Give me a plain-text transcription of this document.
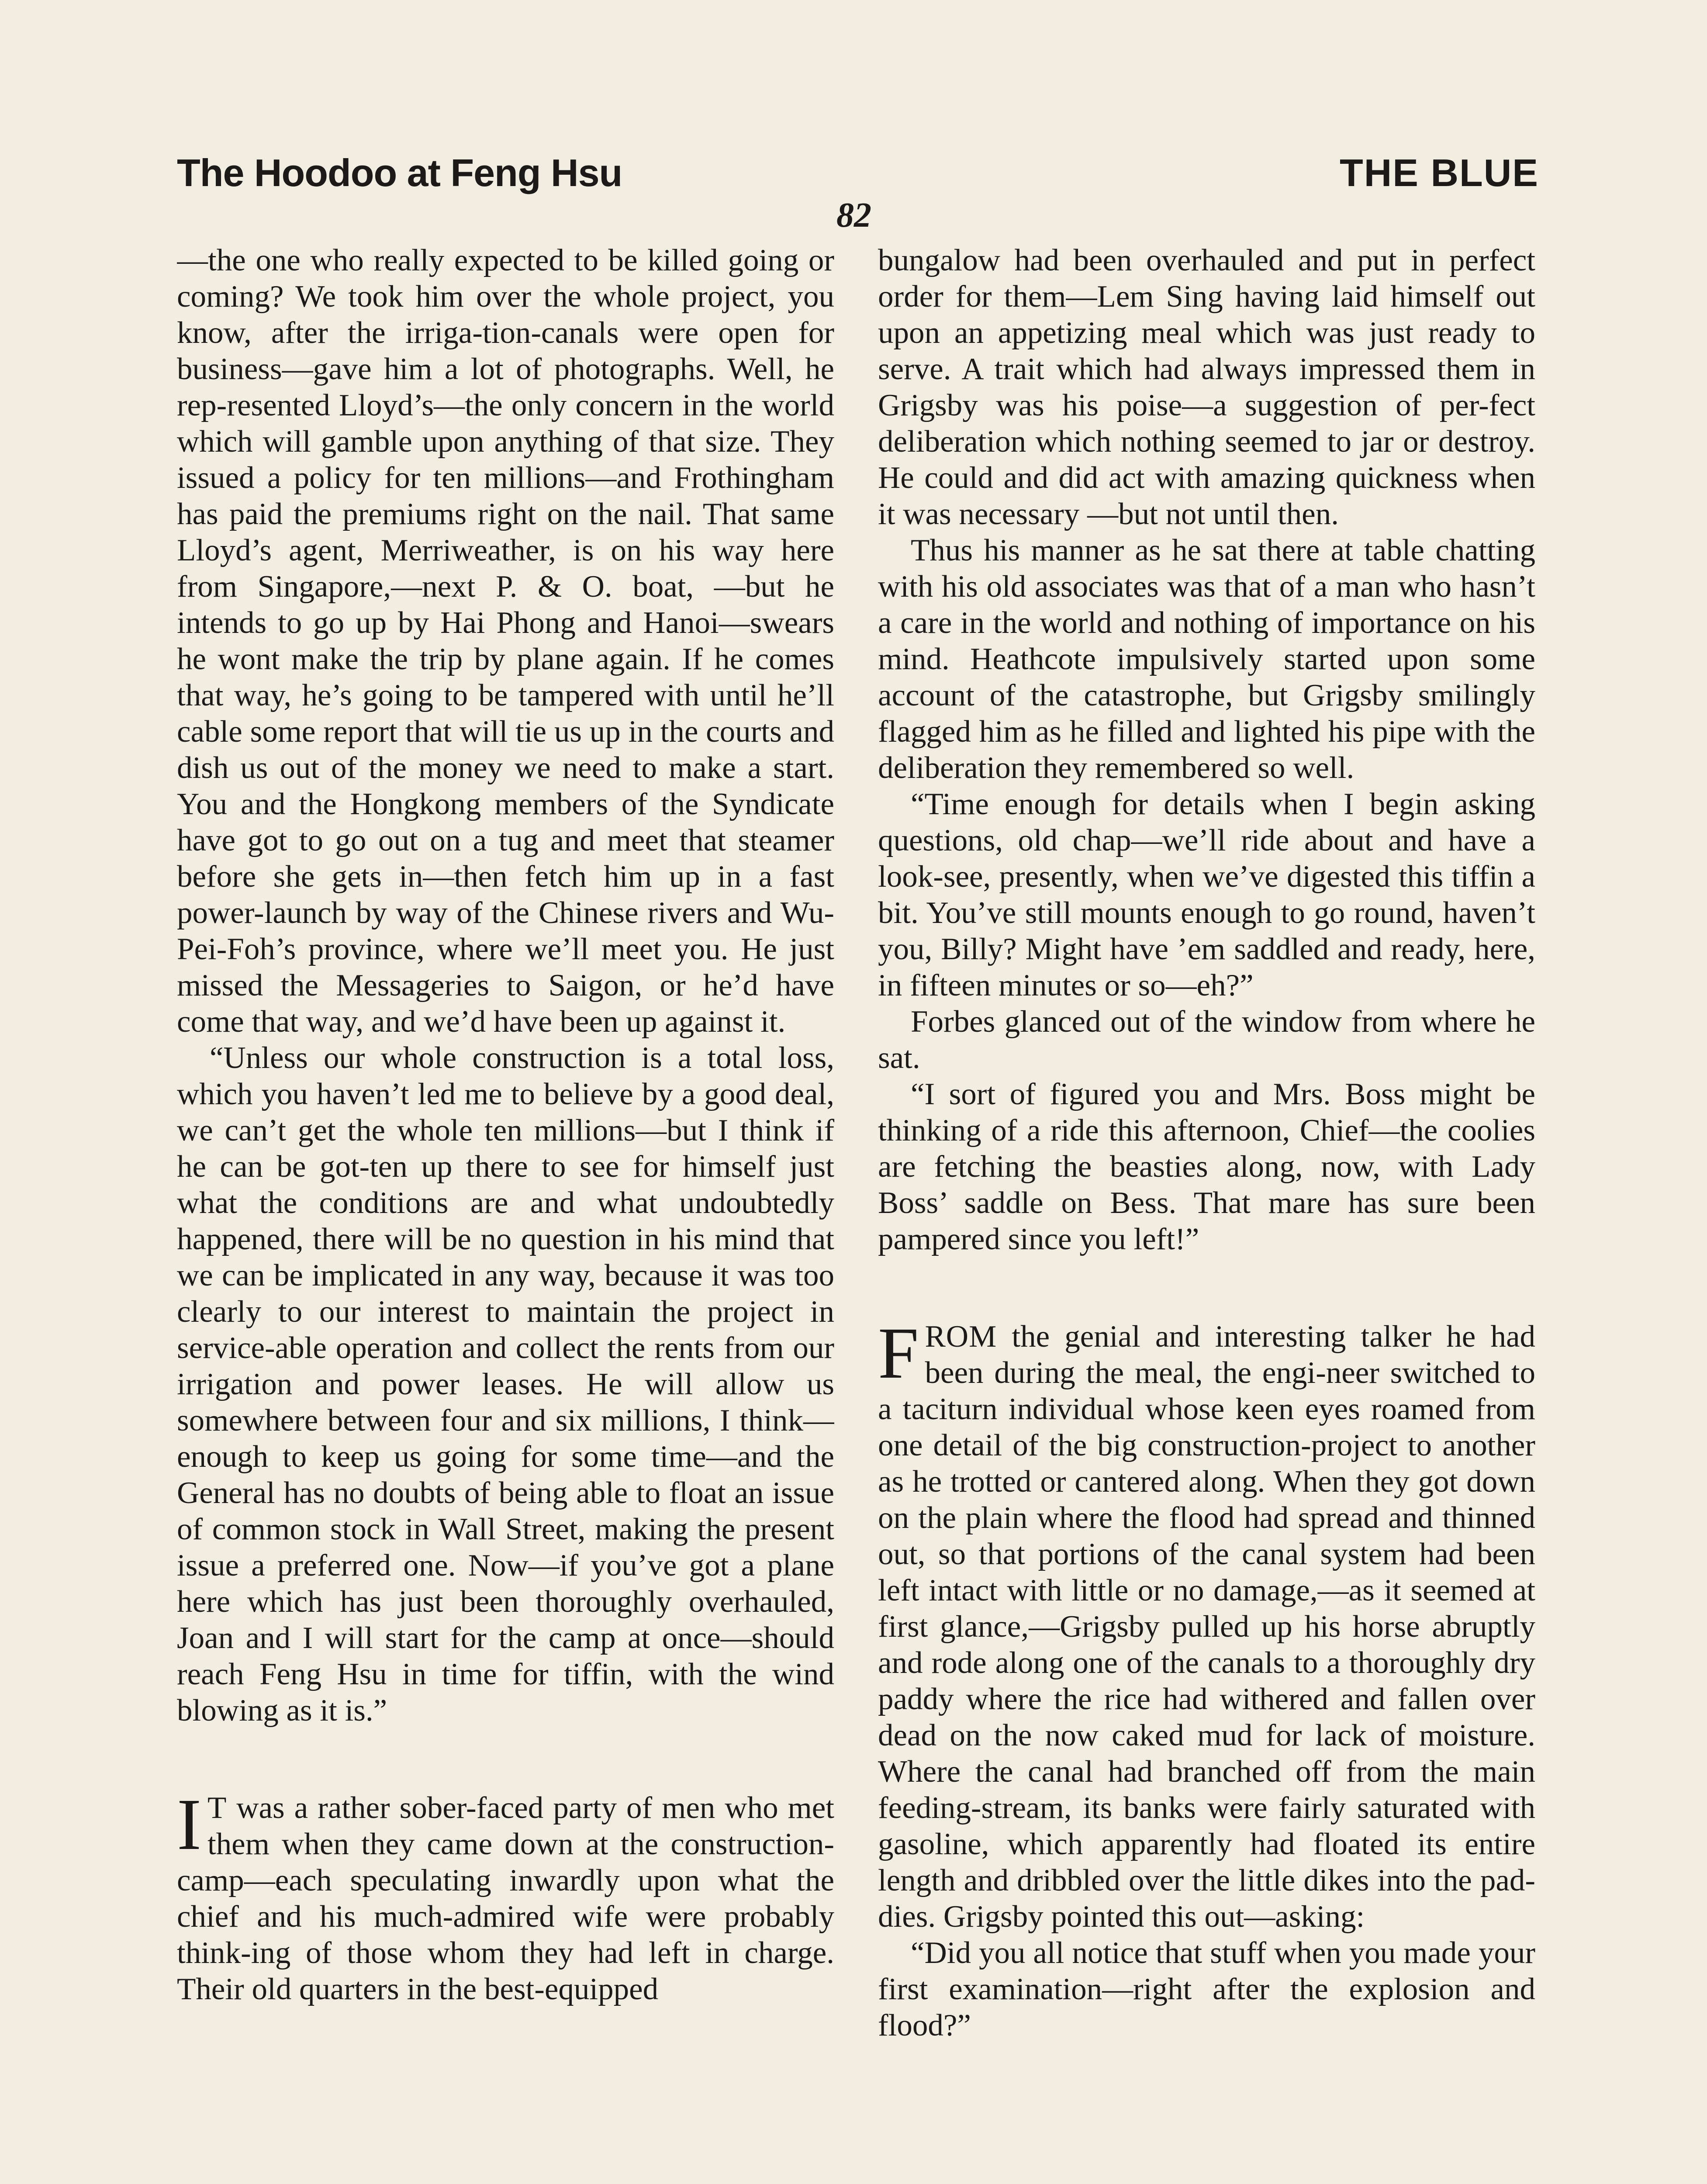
The Hoodoo at Feng Hsu	THE BLUE
82

—the one who really expected to be killed going or coming? We took him over the whole project, you know, after the irriga-tion-canals were open for business—gave him a lot of photographs. Well, he rep-resented Lloyd’s—the only concern in the world which will gamble upon anything of that size. They issued a policy for ten millions—and Frothingham has paid the premiums right on the nail. That same Lloyd’s agent, Merriweather, is on his way here from Singapore,—next P. & O. boat, —but he intends to go up by Hai Phong and Hanoi—swears he wont make the trip by plane again. If he comes that way, he’s going to be tampered with until he’ll cable some report that will tie us up in the courts and dish us out of the money we need to make a start. You and the Hongkong members of the Syndicate have got to go out on a tug and meet that steamer before she gets in—then fetch him up in a fast power-launch by way of the Chinese rivers and Wu-Pei-Foh’s province, where we’ll meet you. He just missed the Messageries to Saigon, or he’d have come that way, and we’d have been up against it.

“Unless our whole construction is a total loss, which you haven’t led me to believe by a good deal, we can’t get the whole ten millions—but I think if he can be got-ten up there to see for himself just what the conditions are and what undoubtedly happened, there will be no question in his mind that we can be implicated in any way, because it was too clearly to our interest to maintain the project in service-able operation and collect the rents from our irrigation and power leases. He will allow us somewhere between four and six millions, I think—enough to keep us going for some time—and the General has no doubts of being able to float an issue of common stock in Wall Street, making the present issue a preferred one. Now—if you’ve got a plane here which has just been thoroughly overhauled, Joan and I will start for the camp at once—should reach Feng Hsu in time for tiffin, with the wind blowing as it is.”

I T was a rather sober-faced party of men who met them when they came down at the construction-camp—each speculating inwardly upon what the chief and his much-admired wife were probably think-ing of those whom they had left in charge. Their old quarters in the best-equipped

bungalow had been overhauled and put in perfect order for them—Lem Sing having laid himself out upon an appetizing meal which was just ready to serve. A trait which had always impressed them in Grigsby was his poise—a suggestion of per-fect deliberation which nothing seemed to jar or destroy. He could and did act with amazing quickness when it was necessary —but not until then.

Thus his manner as he sat there at table chatting with his old associates was that of a man who hasn’t a care in the world and nothing of importance on his mind. Heathcote impulsively started upon some account of the catastrophe, but Grigsby smilingly flagged him as he filled and lighted his pipe with the deliberation they remembered so well.

“Time enough for details when I begin asking questions, old chap—we’ll ride about and have a look-see, presently, when we’ve digested this tiffin a bit. You’ve still mounts enough to go round, haven’t you, Billy? Might have ’em saddled and ready, here, in fifteen minutes or so—eh?”

Forbes glanced out of the window from where he sat.

“I sort of figured you and Mrs. Boss might be thinking of a ride this afternoon, Chief—the coolies are fetching the beasties along, now, with Lady Boss’ saddle on Bess. That mare has sure been pampered since you left!”

FROM the genial and interesting talker he had been during the meal, the engi-neer switched to a taciturn individual whose keen eyes roamed from one detail of the big construction-project to another as he trotted or cantered along. When they got down on the plain where the flood had spread and thinned out, so that portions of the canal system had been left intact with little or no damage,—as it seemed at first glance,—Grigsby pulled up his horse abruptly and rode along one of the canals to a thoroughly dry paddy where the rice had withered and fallen over dead on the now caked mud for lack of moisture. Where the canal had branched off from the main feeding-stream, its banks were fairly saturated with gasoline, which apparently had floated its entire length and dribbled over the little dikes into the pad-dies. Grigsby pointed this out—asking:

“Did you all notice that stuff when you made your first examination—right after the explosion and flood?”
